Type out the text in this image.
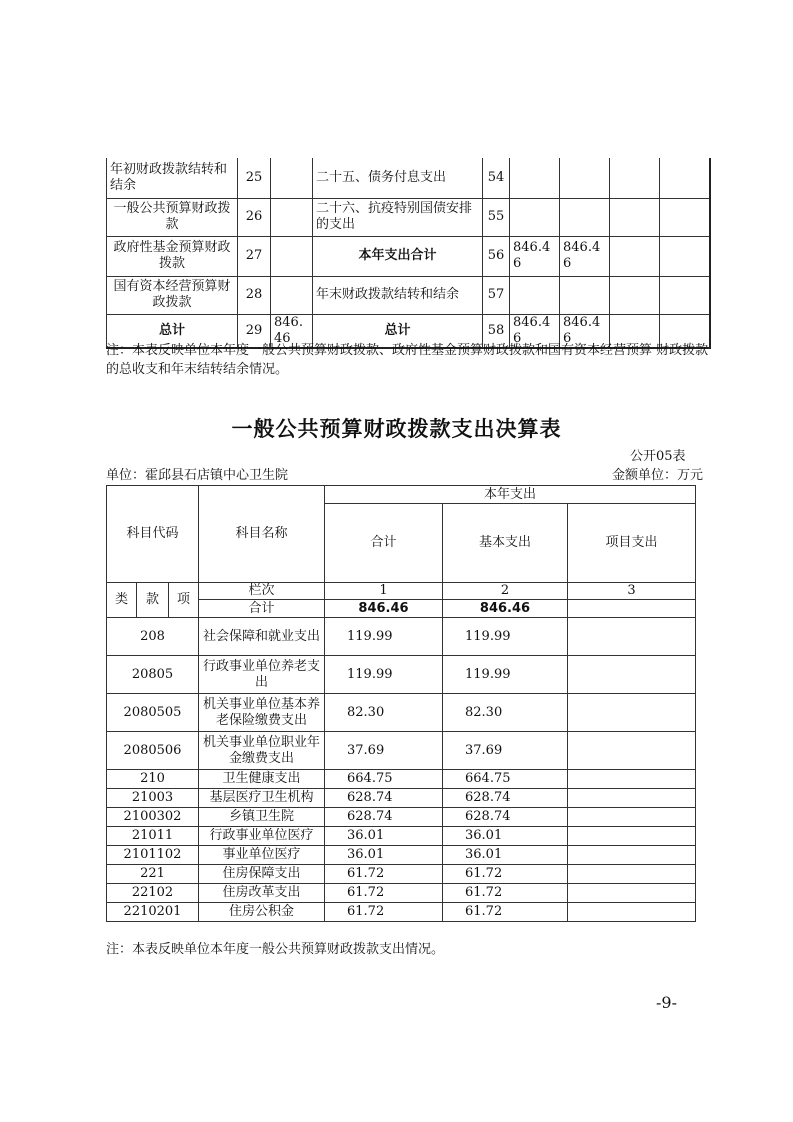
年初财政拨款结转和结余	25		二十五、债务付息支出	54				
一般公共预算财政拨款	26		二十六、抗疫特别国债安排的支出	55				
政府性基金预算财政拨款	27		本年支出合计	56	846.46	846.46		
国有资本经营预算财政拨款	28		年末财政拨款结转和结余	57				
总计	29	846.46	总计	58	846.46	846.46		
注：本表反映单位本年度一般公共预算财政拨款、政府性基金预算财政拨款和国有资本经营预算 财政拨款的总收支和年末结转结余情况。
一般公共预算财政拨款支出决算表
公开05表
单位：霍邱县石店镇中心卫生院	金额单位：万元
科目代码			科目名称	本年支出		
				合计	基本支出	项目支出
类	款	项	栏次	1	2	3
			合计	846.46	846.46	
208			社会保障和就业支出	119.99	119.99	
20805			行政事业单位养老支出	119.99	119.99	
2080505			机关事业单位基本养老保险缴费支出	82.30	82.30	
2080506			机关事业单位职业年金缴费支出	37.69	37.69	
210			卫生健康支出	664.75	664.75	
21003			基层医疗卫生机构	628.74	628.74	
2100302			乡镇卫生院	628.74	628.74	
21011			行政事业单位医疗	36.01	36.01	
2101102			事业单位医疗	36.01	36.01	
221			住房保障支出	61.72	61.72	
22102			住房改革支出	61.72	61.72	
2210201			住房公积金	61.72	61.72	
注：本表反映单位本年度一般公共预算财政拨款支出情况。
-9-
